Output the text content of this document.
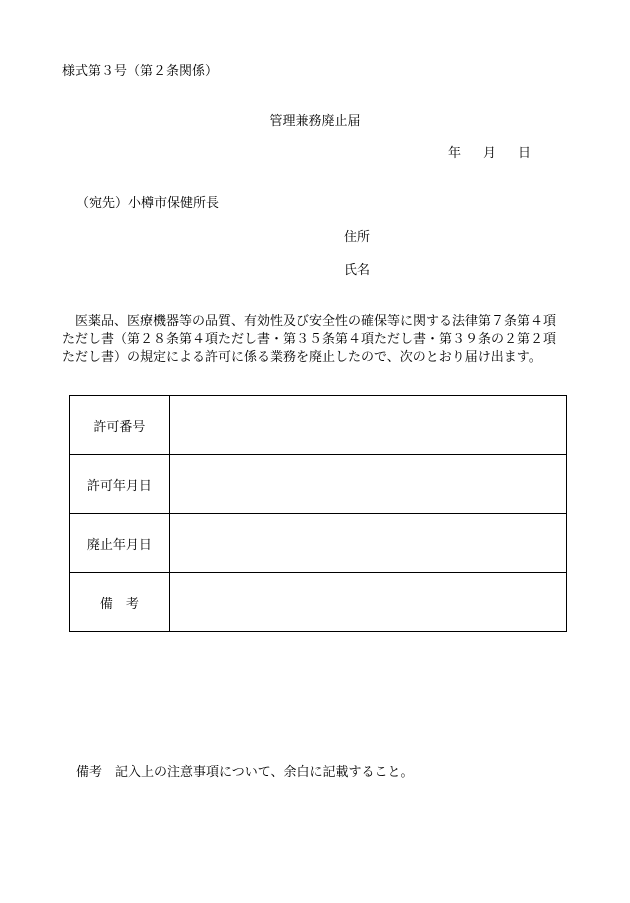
様式第３号（第２条関係）
管理兼務廃止届
年 月 日
（宛先）小樽市保健所長
住所
氏名
医薬品、医療機器等の品質、有効性及び安全性の確保等に関する法律第７条第４項
ただし書（第２８条第４項ただし書・第３５条第４項ただし書・第３９条の２第２項
ただし書）の規定による許可に係る業務を廃止したので、次のとおり届け出ます。
許可番号	
許可年月日	
廃止年月日	
備　考	
備考　記入上の注意事項について、余白に記載すること。
